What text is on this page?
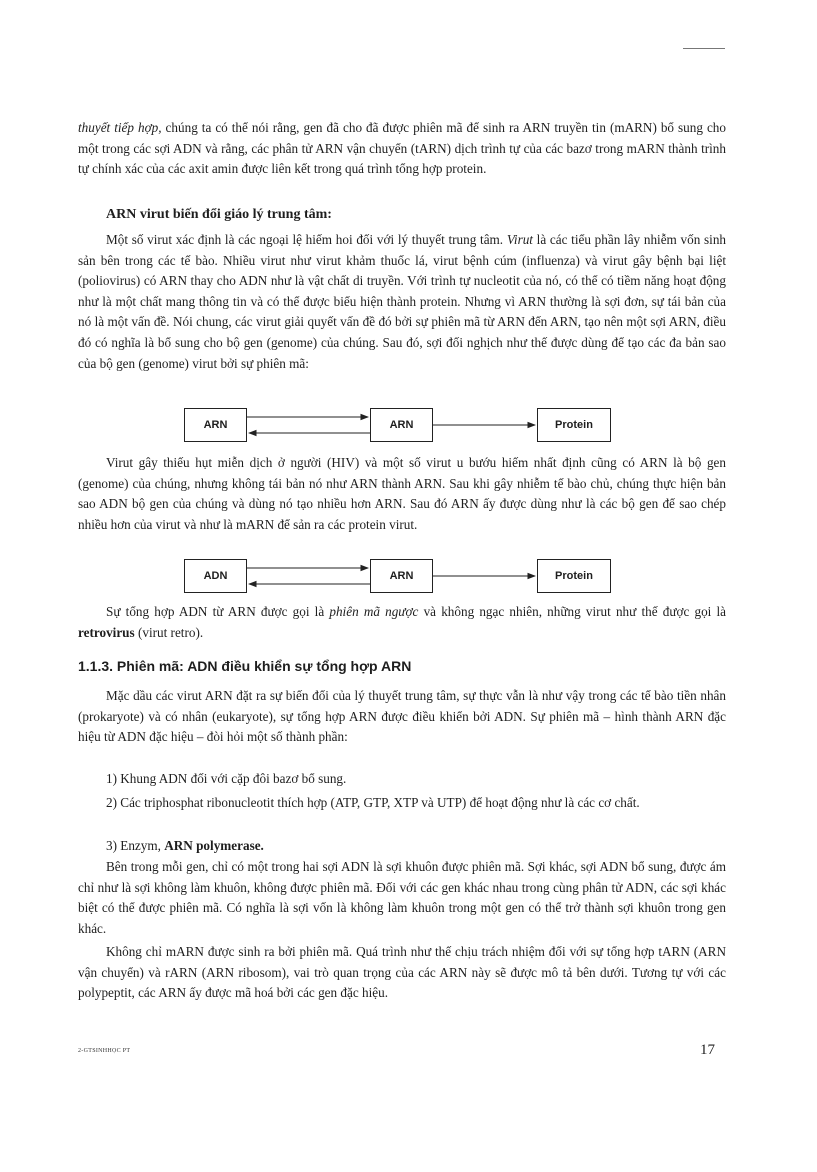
thuyết tiếp hợp, chúng ta có thể nói rằng, gen đã cho đã được phiên mã để sinh ra ARN truyền tin (mARN) bổ sung cho một trong các sợi ADN và rằng, các phân tử ARN vận chuyển (tARN) dịch trình tự của các bazơ trong mARN thành trình tự chính xác của các axit amin được liên kết trong quá trình tổng hợp protein.

ARN virut biến đổi giáo lý trung tâm:

Một số virut xác định là các ngoại lệ hiếm hoi đối với lý thuyết trung tâm. Virut là các tiểu phần lây nhiễm vốn sinh sản bên trong các tế bào. Nhiều virut như virut khảm thuốc lá, virut bệnh cúm (influenza) và virut gây bệnh bại liệt (poliovirus) có ARN thay cho ADN như là vật chất di truyền. Với trình tự nucleotit của nó, có thể có tiềm năng hoạt động như là một chất mang thông tin và có thể được biểu hiện thành protein. Nhưng vì ARN thường là sợi đơn, sự tái bản của nó là một vấn đề. Nói chung, các virut giải quyết vấn đề đó bởi sự phiên mã từ ARN đến ARN, tạo nên một sợi ARN, điều đó có nghĩa là bổ sung cho bộ gen (genome) của chúng. Sau đó, sợi đối nghịch như thế được dùng để tạo các đa bản sao của bộ gen (genome) virut bởi sự phiên mã:

ARN	ARN	Protein

Virut gây thiếu hụt miễn dịch ở người (HIV) và một số virut u bướu hiếm nhất định cũng có ARN là bộ gen (genome) của chúng, nhưng không tái bản nó như ARN thành ARN. Sau khi gây nhiễm tế bào chủ, chúng thực hiện bản sao ADN bộ gen của chúng và dùng nó tạo nhiều hơn ARN. Sau đó ARN ấy được dùng như là các bộ gen để sao chép nhiều hơn của virut và như là mARN để sản ra các protein virut.

ADN	ARN	Protein

Sự tổng hợp ADN từ ARN được gọi là phiên mã ngược và không ngạc nhiên, những virut như thế được gọi là retrovirus (virut retro).

1.1.3. Phiên mã: ADN điều khiển sự tổng hợp ARN

Mặc dầu các virut ARN đặt ra sự biến đổi của lý thuyết trung tâm, sự thực vẫn là như vậy trong các tế bào tiền nhân (prokaryote) và có nhân (eukaryote), sự tổng hợp ARN được điều khiển bởi ADN. Sự phiên mã – hình thành ARN đặc hiệu từ ADN đặc hiệu – đòi hỏi một số thành phần:

1) Khung ADN đối với cặp đôi bazơ bổ sung.

2) Các triphosphat ribonucleotit thích hợp (ATP, GTP, XTP và UTP) để hoạt động như là các cơ chất.

3) Enzym, ARN polymerase.

Bên trong mỗi gen, chỉ có một trong hai sợi ADN là sợi khuôn được phiên mã. Sợi khác, sợi ADN bổ sung, được ám chỉ như là sợi không làm khuôn, không được phiên mã. Đối với các gen khác nhau trong cùng phân tử ADN, các sợi khác biệt có thể được phiên mã. Có nghĩa là sợi vốn là không làm khuôn trong một gen có thể trở thành sợi khuôn trong gen khác.

Không chỉ mARN được sinh ra bởi phiên mã. Quá trình như thế chịu trách nhiệm đối với sự tổng hợp tARN (ARN vận chuyển) và rARN (ARN ribosom), vai trò quan trọng của các ARN này sẽ được mô tả bên dưới. Tương tự với các polypeptit, các ARN ấy được mã hoá bởi các gen đặc hiệu.

2-GTSINHHỌC PT	17
